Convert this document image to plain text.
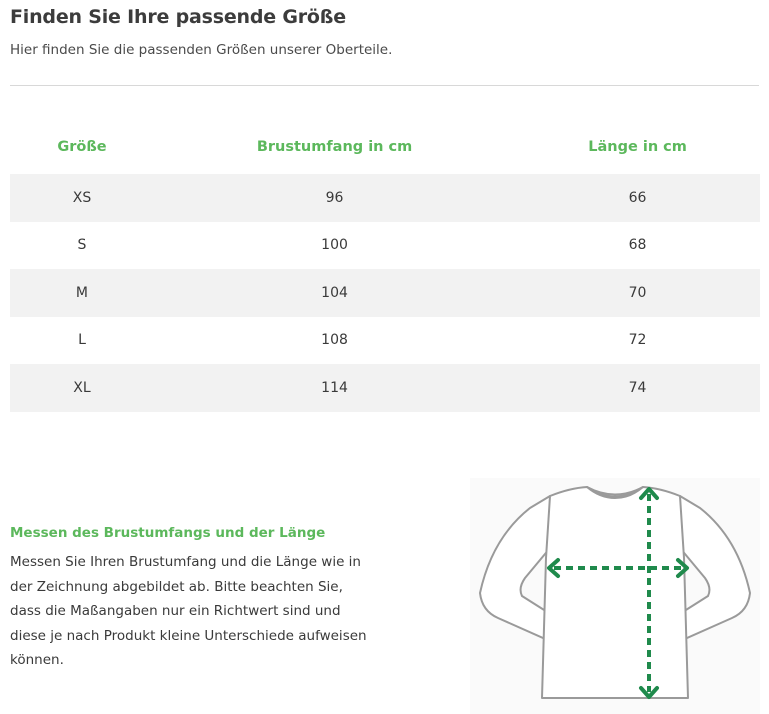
Finden Sie Ihre passende Größe

Hier finden Sie die passenden Größen unserer Oberteile.

Größe	Brustumfang in cm	Länge in cm
XS	96	66
S	100	68
M	104	70
L	108	72
XL	114	74
Messen des Brustumfangs und der Länge

Messen Sie Ihren Brustumfang und die Länge wie in der Zeichnung abgebildet ab. Bitte beachten Sie, dass die Maßangaben nur ein Richtwert sind und diese je nach Produkt kleine Unterschiede aufweisen können.
